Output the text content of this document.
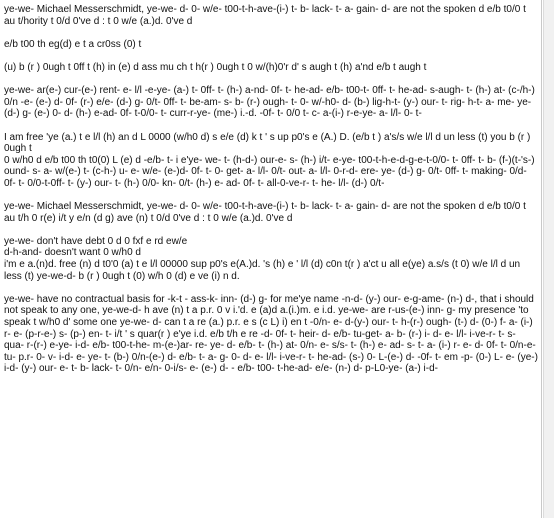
ye-we- Michael Messerschmidt, ye-we- d- 0- w/e- t00-t-h-ave-(i-) t- b- lack- t- a- gain- d- are not the spoken d e/b t0/0 t au t/hority t 0/d 0've d : t 0 w/e (a.)d. 0've d

e/b t00 th eg(d) e t a cr0ss (0) t

(u) b (r ) 0ugh t 0ff t (h) in (e) d ass mu ch t h(r ) 0ugh t 0 w/(h)0'r d' s augh t (h) a'nd e/b t augh t

ye-we- ar(e-) cur-(e-) rent- e- l/l -e-ye- (a-) t- 0ff- t- (h-) a-nd- 0f- t- he-ad- e/b- t00-t- 0ff- t- he-ad- s-augh- t- (h-) at- (c-/h-) 0/n -e- (e-) d- 0f- (r-) e/e- (d-) g- 0/t- 0ff- t- be-am- s- b- (r-) ough- t- 0- w/-h0- d- (b-) lig-h-t- (y-) our- t- rig- h-t- a- me- ye- (d-) g- (e-) 0- d- (h-) e-ad- 0f- t-0/0- t- curr-r-ye- (me-) i.-d. -0f- t- 0/0 t- c- a-(i-) r-e-ye- a- l/l- 0- t-

I am free 'ye (a.) t e l/l (h) an d L 0000 (w/h0 d) s e/e (d) k t ' s up p0's e (A.) D. (e/b t ) a's/s w/e l/l d un less (t) you b (r ) 0ugh t
0 w/h0 d e/b t00 th t0(0) L (e) d -e/b- t- i e'ye- we- t- (h-d-) our-e- s- (h-) i/t- e-ye- t00-t-h-e-d-g-e-t-0/0- t- 0ff- t- b- (f-)(t-'s-) ound- s- a- w/(e-) t- (c-h-) u- e- w/e- (e-)d- 0f- t- 0- get- a- l/l- 0/t- out- a- l/l- 0-r-d- ere- ye- (d-) g- 0/t- 0ff- t- making- 0/d- 0f- t- 0/0-t-0ff- t- (y-) our- t- (h-) 0/0- kn- 0/t- (h-) e- ad- 0f- t- all-0-ve-r- t- he- l/l- (d-) 0/t-

ye-we- Michael Messerschmidt, ye-we- d- 0- w/e- t00-t-h-ave-(i-) t- b- lack- t- a- gain- d- are not the spoken d e/b t0/0 t au t/h 0 r(e) i/t y e/n (d g) ave (n) t 0/d 0've d : t 0 w/e (a.)d. 0've d

ye-we- don't have debt 0 d 0 fxf e rd ew/e
d-h-and- doesn't want 0 w/h0 d
i'm e a.(n)d. free (n) d t0'0 (a) t e l/l 00000 sup p0's e(A.)d. 's (h) e ' l/l (d) c0n t(r ) a'ct u all e(ye) a.s/s (t 0) w/e l/l d un less (t) ye-we-d- b (r ) 0ugh t (0) w/h 0 (d) e ve (i) n d.

ye-we- have no contractual basis for -k-t - ass-k- inn- (d-) g- for me'ye name -n-d- (y-) our- e-g-ame- (n-) d-, that i should not speak to any one, ye-we-d- h ave (n) t a p.r. 0 v i.'d. e (a)d a.(i.)m. e i.d. ye-we- are r-us-(e-) inn- g- my presence 'to speak t w/h0 d' some one ye-we- d- can t a re (a.) p.r. e s (c L) i) en t -0/n- e- d-(y-) our- t- h-(r-) ough- (t-) d- (0-) f- a- (i-) r- e- (p-r-e-) s- (p-) en- t- i/t ' s quar(r ) e'ye i.d. e/b t/h e re -d- 0f- t- heir- d- e/b- tu-get- a- b- (r-) i- d- e- l/l- i-ve-r- t- s- qua- r-(r-) e-ye- i-d- e/b- t00-t-he- m-(e-)ar- re- ye- d- e/b- t- (h-) at- 0/n- e- s/s- t- (h-) e- ad- s- t- a- (i-) r- e- d- 0f- t- 0/n-e- tu- p.r- 0- v- i-d- e- ye- t- (b-) 0/n-(e-) d- e/b- t- a- g- 0- d- e- l/l- i-ve-r- t- he-ad- (s-) 0- L-(e-) d- -0f- t- em -p- (0-) L- e- (ye-) i-d- (y-) our- e- t- b- lack- t- 0/n- e/n- 0-i/s- e- (e-) d- - e/b- t00- t-he-ad- e/e- (n-) d- p-L0-ye- (a-) i-d-
